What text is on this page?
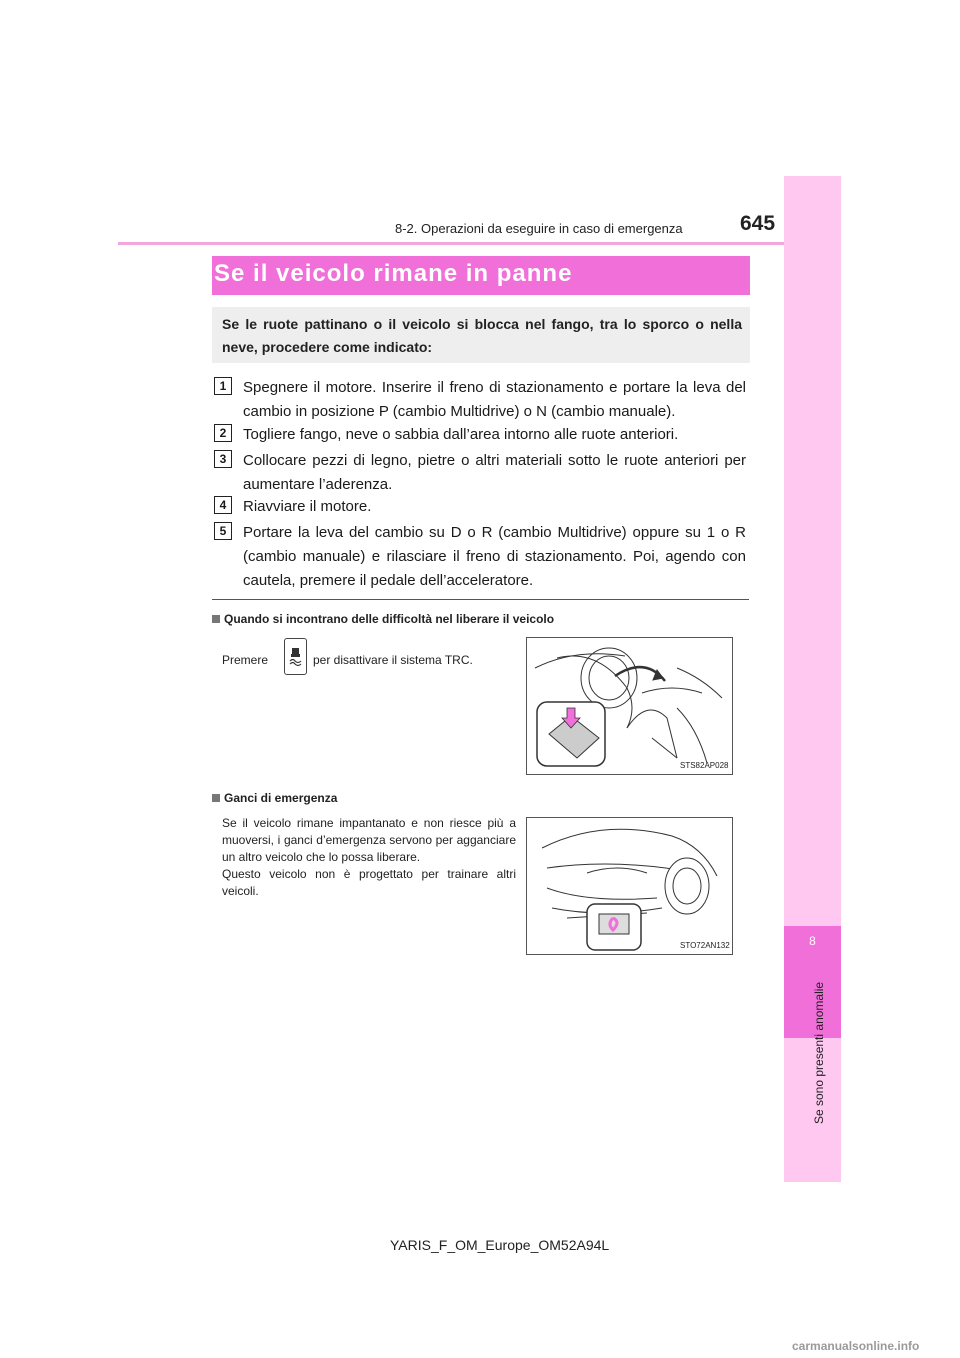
8-2. Operazioni da eseguire in caso di emergenza	645
8
Se sono presenti anomalie
Se il veicolo rimane in panne
Se le ruote pattinano o il veicolo si blocca nel fango, tra lo sporco o nella neve, procedere come indicato:
1	Spegnere il motore. Inserire il freno di stazionamento e portare la leva del cambio in posizione P (cambio Multidrive) o N (cambio manuale).
2	Togliere fango, neve o sabbia dall’area intorno alle ruote anteriori.
3	Collocare pezzi di legno, pietre o altri materiali sotto le ruote anteriori per aumentare l’aderenza.
4	Riavviare il motore.
5	Portare la leva del cambio su D o R (cambio Multidrive) oppure su 1 o R (cambio manuale) e rilasciare il freno di stazionamento. Poi, agendo con cautela, premere il pedale dell’acceleratore.
Quando si incontrano delle difficoltà nel liberare il veicolo
Premere	per disattivare il sistema TRC.
STS82AP028
Ganci di emergenza
Se il veicolo rimane impantanato e non riesce più a muoversi, i ganci d’emergenza servono per agganciare un altro veicolo che lo possa liberare.
Questo veicolo non è progettato per trainare altri veicoli.
STO72AN132
YARIS_F_OM_Europe_OM52A94L
carmanualsonline.info
